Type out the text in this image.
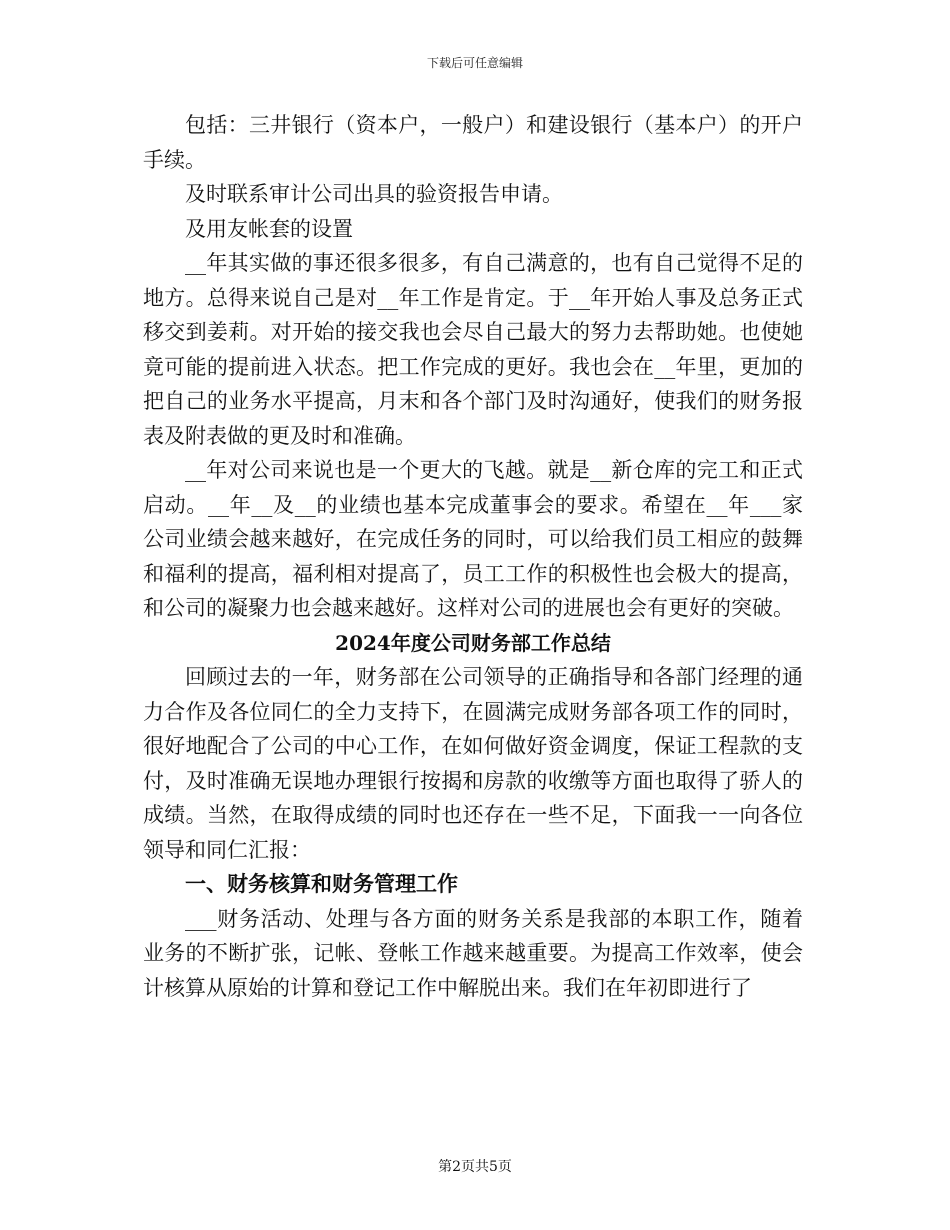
下载后可任意编辑

包括：三井银行（资本户，一般户）和建设银行（基本户）的开户手续。

及时联系审计公司出具的验资报告申请。

及用友帐套的设置

__年其实做的事还很多很多，有自己满意的，也有自己觉得不足的地方。总得来说自己是对__年工作是肯定。于__年开始人事及总务正式移交到姜莉。对开始的接交我也会尽自己最大的努力去帮助她。也使她竟可能的提前进入状态。把工作完成的更好。我也会在__年里，更加的把自己的业务水平提高，月末和各个部门及时沟通好，使我们的财务报表及附表做的更及时和准确。

__年对公司来说也是一个更大的飞越。就是__新仓库的完工和正式启动。__年__及__的业绩也基本完成董事会的要求。希望在__年___家公司业绩会越来越好，在完成任务的同时，可以给我们员工相应的鼓舞和福利的提高，福利相对提高了，员工工作的积极性也会极大的提高，和公司的凝聚力也会越来越好。这样对公司的进展也会有更好的突破。

2024年度公司财务部工作总结

回顾过去的一年，财务部在公司领导的正确指导和各部门经理的通力合作及各位同仁的全力支持下，在圆满完成财务部各项工作的同时，很好地配合了公司的中心工作，在如何做好资金调度，保证工程款的支付，及时准确无误地办理银行按揭和房款的收缴等方面也取得了骄人的成绩。当然，在取得成绩的同时也还存在一些不足，下面我一一向各位领导和同仁汇报：

一、财务核算和财务管理工作

___财务活动、处理与各方面的财务关系是我部的本职工作，随着业务的不断扩张，记帐、登帐工作越来越重要。为提高工作效率，使会计核算从原始的计算和登记工作中解脱出来。我们在年初即进行了

第2页共5页
